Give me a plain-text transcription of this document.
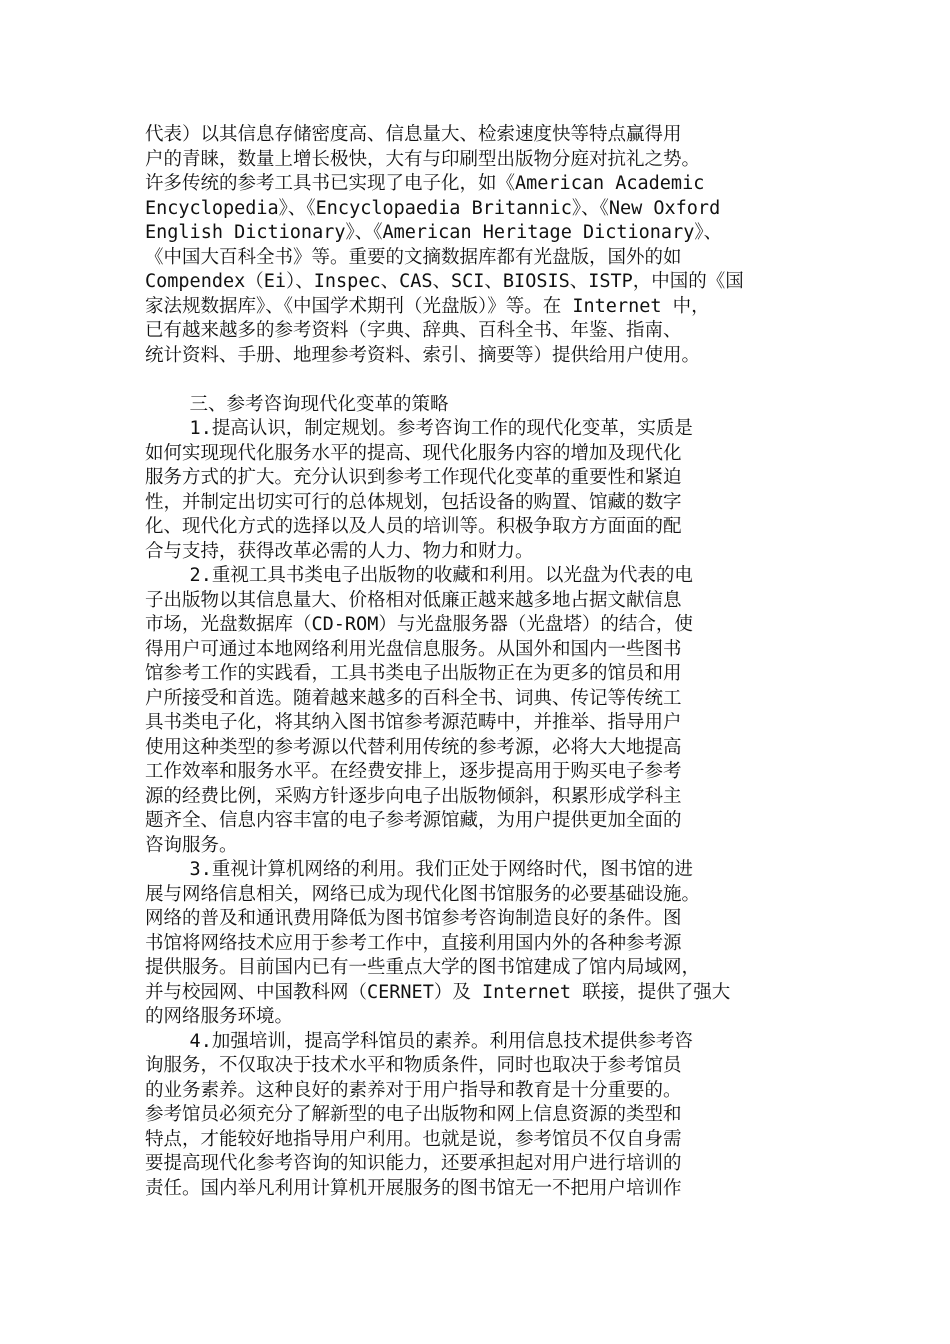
代表）以其信息存储密度高、信息量大、检索速度快等特点赢得用
户的青睐，数量上增长极快，大有与印刷型出版物分庭对抗礼之势。
许多传统的参考工具书已实现了电子化，如《American Academic
Encyclopedia》、《Encyclopaedia Britannic》、《New Oxford
English Dictionary》、《American Heritage Dictionary》、
《中国大百科全书》等。重要的文摘数据库都有光盘版，国外的如
Compendex（Ei）、Inspec、CAS、SCI、BIOSIS、ISTP，中国的《国
家法规数据库》、《中国学术期刊（光盘版）》等。在 Internet 中，
已有越来越多的参考资料（字典、辞典、百科全书、年鉴、指南、
统计资料、手册、地理参考资料、索引、摘要等）提供给用户使用。
三、参考咨询现代化变革的策略
1.提高认识，制定规划。参考咨询工作的现代化变革，实质是
如何实现现代化服务水平的提高、现代化服务内容的增加及现代化
服务方式的扩大。充分认识到参考工作现代化变革的重要性和紧迫
性，并制定出切实可行的总体规划，包括设备的购置、馆藏的数字
化、现代化方式的选择以及人员的培训等。积极争取方方面面的配
合与支持，获得改革必需的人力、物力和财力。
2.重视工具书类电子出版物的收藏和利用。以光盘为代表的电
子出版物以其信息量大、价格相对低廉正越来越多地占据文献信息
市场，光盘数据库（CD-ROM）与光盘服务器（光盘塔）的结合，使
得用户可通过本地网络利用光盘信息服务。从国外和国内一些图书
馆参考工作的实践看，工具书类电子出版物正在为更多的馆员和用
户所接受和首选。随着越来越多的百科全书、词典、传记等传统工
具书类电子化，将其纳入图书馆参考源范畴中，并推举、指导用户
使用这种类型的参考源以代替利用传统的参考源，必将大大地提高
工作效率和服务水平。在经费安排上，逐步提高用于购买电子参考
源的经费比例，采购方针逐步向电子出版物倾斜，积累形成学科主
题齐全、信息内容丰富的电子参考源馆藏，为用户提供更加全面的
咨询服务。
3.重视计算机网络的利用。我们正处于网络时代，图书馆的进
展与网络信息相关，网络已成为现代化图书馆服务的必要基础设施。
网络的普及和通讯费用降低为图书馆参考咨询制造良好的条件。图
书馆将网络技术应用于参考工作中，直接利用国内外的各种参考源
提供服务。目前国内已有一些重点大学的图书馆建成了馆内局域网，
并与校园网、中国教科网（CERNET）及 Internet 联接，提供了强大
的网络服务环境。
4.加强培训，提高学科馆员的素养。利用信息技术提供参考咨
询服务，不仅取决于技术水平和物质条件，同时也取决于参考馆员
的业务素养。这种良好的素养对于用户指导和教育是十分重要的。
参考馆员必须充分了解新型的电子出版物和网上信息资源的类型和
特点，才能较好地指导用户利用。也就是说，参考馆员不仅自身需
要提高现代化参考咨询的知识能力，还要承担起对用户进行培训的
责任。国内举凡利用计算机开展服务的图书馆无一不把用户培训作
